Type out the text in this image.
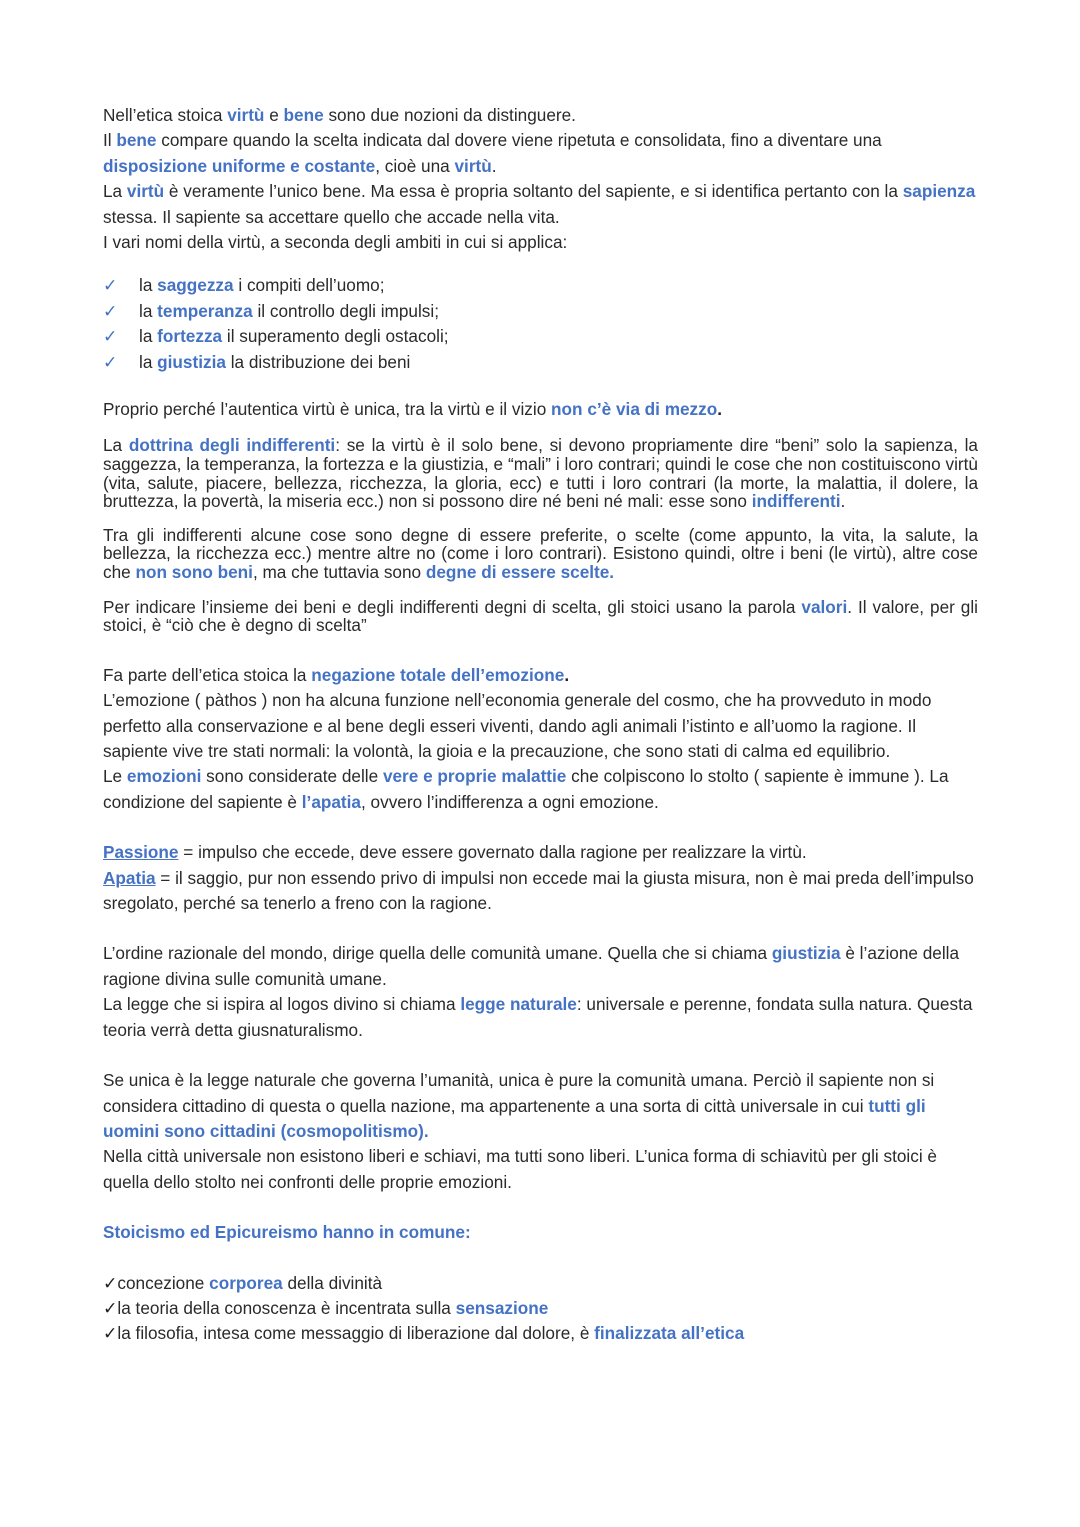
Nell’etica stoica virtù e bene sono due nozioni da distinguere.

Il bene compare quando la scelta indicata dal dovere viene ripetuta e consolidata, fino a diventare una disposizione uniforme e costante, cioè una virtù.

La virtù è veramente l’unico bene. Ma essa è propria soltanto del sapiente, e si identifica pertanto con la sapienza stessa. Il sapiente sa accettare quello che accade nella vita.

I vari nomi della virtù, a seconda degli ambiti in cui si applica:

✓ la saggezza i compiti dell’uomo;
✓ la temperanza il controllo degli impulsi;
✓ la fortezza il superamento degli ostacoli;
✓ la giustizia la distribuzione dei beni

Proprio perché l’autentica virtù è unica, tra la virtù e il vizio non c’è via di mezzo.

La dottrina degli indifferenti: se la virtù è il solo bene, si devono propriamente dire “beni” solo la sapienza, la saggezza, la temperanza, la fortezza e la giustizia, e “mali” i loro contrari; quindi le cose che non costituiscono virtù (vita, salute, piacere, bellezza, ricchezza, la gloria, ecc) e tutti i loro contrari (la morte, la malattia, il dolere, la bruttezza, la povertà, la miseria ecc.) non si possono dire né beni né mali: esse sono indifferenti.

Tra gli indifferenti alcune cose sono degne di essere preferite, o scelte (come appunto, la vita, la salute, la bellezza, la ricchezza ecc.) mentre altre no (come i loro contrari). Esistono quindi, oltre i beni (le virtù), altre cose che non sono beni, ma che tuttavia sono degne di essere scelte.

Per indicare l’insieme dei beni e degli indifferenti degni di scelta, gli stoici usano la parola valori. Il valore, per gli stoici, è “ciò che è degno di scelta”

Fa parte dell’etica stoica la negazione totale dell’emozione.

L’emozione ( pàthos ) non ha alcuna funzione nell’economia generale del cosmo, che ha provveduto in modo perfetto alla conservazione e al bene degli esseri viventi, dando agli animali l’istinto e all’uomo la ragione. Il sapiente vive tre stati normali: la volontà, la gioia e la precauzione, che sono stati di calma ed equilibrio.

Le emozioni sono considerate delle vere e proprie malattie che colpiscono lo stolto ( sapiente è immune ). La condizione del sapiente è l’apatia, ovvero l’indifferenza a ogni emozione.

Passione = impulso che eccede, deve essere governato dalla ragione per realizzare la virtù.

Apatia = il saggio, pur non essendo privo di impulsi non eccede mai la giusta misura, non è mai preda dell’impulso sregolato, perché sa tenerlo a freno con la ragione.

L’ordine razionale del mondo, dirige quella delle comunità umane. Quella che si chiama giustizia è l’azione della ragione divina sulle comunità umane.

La legge che si ispira al logos divino si chiama legge naturale: universale e perenne, fondata sulla natura. Questa teoria verrà detta giusnaturalismo.

Se unica è la legge naturale che governa l’umanità, unica è pure la comunità umana. Perciò il sapiente non si considera cittadino di questa o quella nazione, ma appartenente a una sorta di città universale in cui tutti gli uomini sono cittadini (cosmopolitismo).

Nella città universale non esistono liberi e schiavi, ma tutti sono liberi. L’unica forma di schiavitù per gli stoici è quella dello stolto nei confronti delle proprie emozioni.

Stoicismo ed Epicureismo hanno in comune:

✓concezione corporea della divinità
✓la teoria della conoscenza è incentrata sulla sensazione
✓la filosofia, intesa come messaggio di liberazione dal dolore, è finalizzata all’etica
